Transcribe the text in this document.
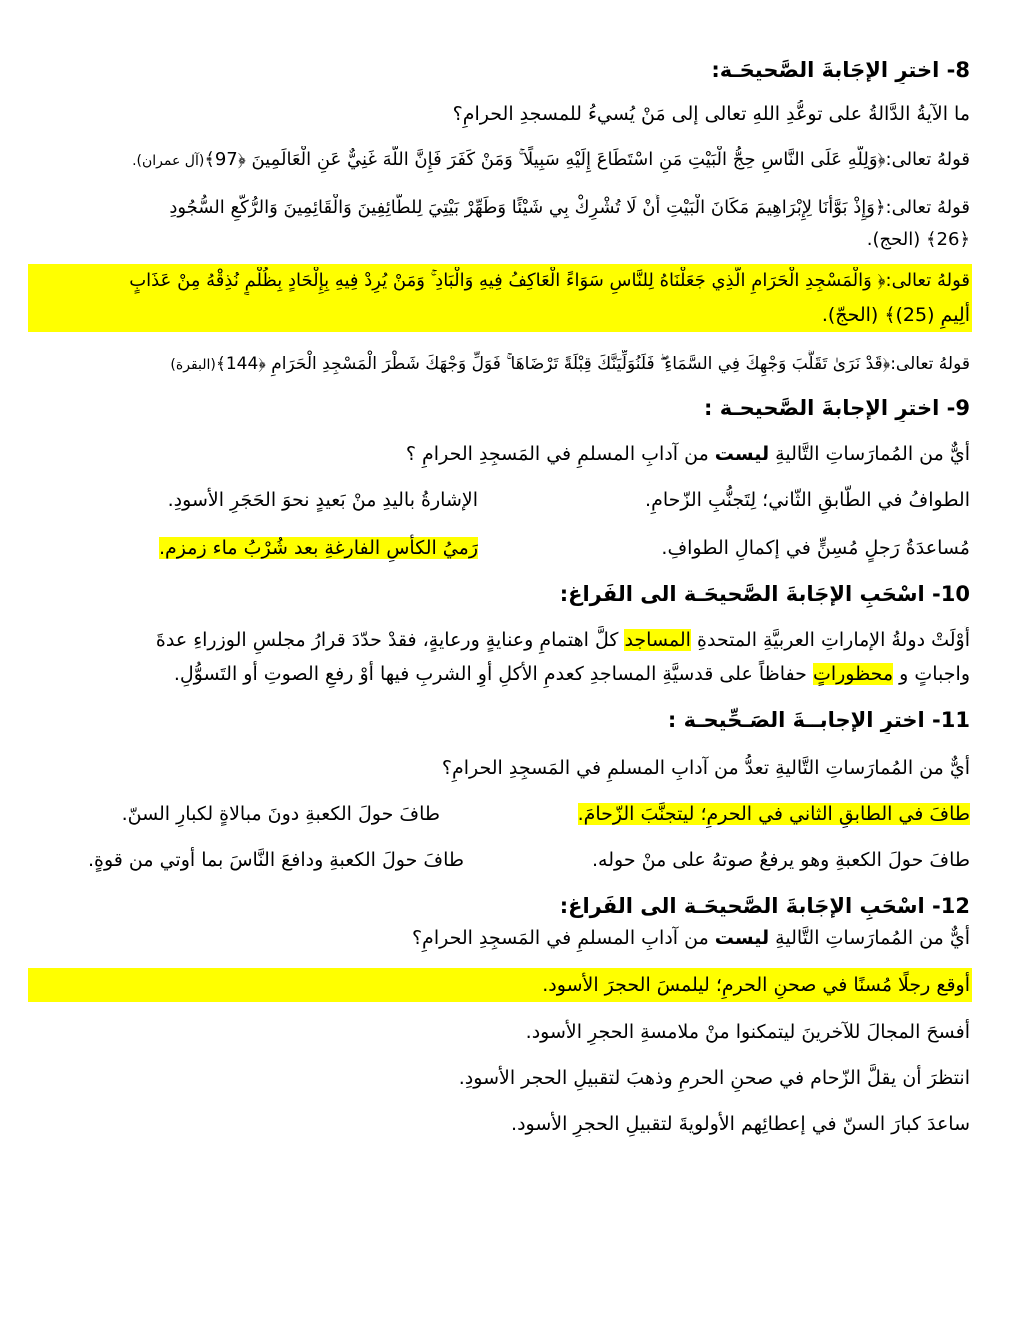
8- اخترِ الإجَابةَ الصَّحيحَـة:
ما الآيةُ الدَّالةُ على توعُّدِ اللهِ تعالى إلى مَنْ يُسيءُ للمسجدِ الحرامِ؟
قولهُ تعالى:﴿وَلِلَّهِ عَلَى النَّاسِ حِجُّ الْبَيْتِ مَنِ اسْتَطَاعَ إِلَيْهِ سَبِيلًا ۚ وَمَنْ كَفَرَ فَإِنَّ اللَّهَ غَنِيٌّ عَنِ الْعَالَمِينَ ﴿97﴾(آل عمران).
قولهُ تعالى:﴿وَإِذْ بَوَّأْنَا لِإِبْرَاهِيمَ مَكَانَ الْبَيْتِ أَنْ لَا تُشْرِكْ بِي شَيْئًا وَطَهِّرْ بَيْتِيَ لِلطَّائِفِينَ وَالْقَائِمِينَ وَالرُّكَّعِ السُّجُودِ
﴿26﴾ (الحج).
قولهُ تعالى:﴿ وَالْمَسْجِدِ الْحَرَامِ الَّذِي جَعَلْنَاهُ لِلنَّاسِ سَوَاءً الْعَاكِفُ فِيهِ وَالْبَادِ ۚ وَمَنْ يُرِدْ فِيهِ بِإِلْحَادٍ بِظُلْمٍ نُذِقْهُ مِنْ عَذَابٍ
أَلِيمٍ (25)﴾ (الحجّ).
قولهُ تعالى:﴿قَدْ نَرَىٰ تَقَلُّبَ وَجْهِكَ فِي السَّمَاءِ ۖ فَلَنُوَلِّيَنَّكَ قِبْلَةً تَرْضَاهَا ۚ فَوَلِّ وَجْهَكَ شَطْرَ الْمَسْجِدِ الْحَرَامِ ﴿144﴾(البقرة)
9- اخترِ الإجابةَ الصَّحيحـة :
أيٌّ من المُمارَساتِ التَّاليةِ ليست من آدابِ المسلمِ في المَسجِدِ الحرامِ ؟
الطوافُ في الطّابقِ الثّاني؛ لِتَجنُّبِ الزّحامِ.
الإشارةُ باليدِ منْ بَعيدٍ نحوَ الحَجَرِ الأسودِ.
مُساعدَةُ رَجلٍ مُسِنٍّ في إكمالِ الطوافِ.
رَميُ الكأسِ الفارغةِ بعد شُرْبُ ماء زمزم.
10- اسْحَبِ الإجَابةَ الصَّحيحَـة الى الفَراغ:
أَوْلَتْ دولةُ الإماراتِ العربيَّةِ المتحدةِ المساجد كلَّ اهتمامٍ وعنايةٍ ورعايةٍ، فقدْ حدّدَ قرارُ مجلسِ الوزراءِ عدةَ
واجباتٍ و محظوراتٍ حفاظاً على قدسيَّةِ المساجدِ كعدمِ الأكلِ أوِ الشربِ فيها أوْ رفعِ الصوتِ أو التَسوُّلِ.
11- اخترِ الإجابــةَ الصَـحِّيحـة :
أيٌّ من المُمارَساتِ التَّاليةِ تعدُّ من آدابِ المسلمِ في المَسجِدِ الحرامِ؟
طافَ في الطابقِ الثاني في الحرمِ؛ ليتجنَّبَ الزّحامَ.
طافَ حولَ الكعبةِ دونَ مبالاةٍ لكبارِ السنّ.
طافَ حولَ الكعبةِ وهو يرفعُ صوتهُ على منْ حوله.
طافَ حولَ الكعبةِ ودافعَ النَّاسَ بما أوتي من قوةٍ.
12- اسْحَبِ الإجَابةَ الصَّحيحَـة الى الفَراغ:
أيٌّ من المُمارَساتِ التَّاليةِ ليست من آدابِ المسلمِ في المَسجِدِ الحرامِ؟
أوقع رجلًا مُسنًا في صحنِ الحرمِ؛ ليلمسَ الحجرَ الأسود.
أفسحَ المجالَ للآخرينَ ليتمكنوا منْ ملامسةِ الحجرِ الأسود.
انتظرَ أن يقلَّ الزّحام في صحنِ الحرمِ وذهبَ لتقبيلِ الحجر الأسودِ.
ساعدَ كبارَ السنّ في إعطائِهم الأولويةَ لتقبيلِ الحجرِ الأسود.
